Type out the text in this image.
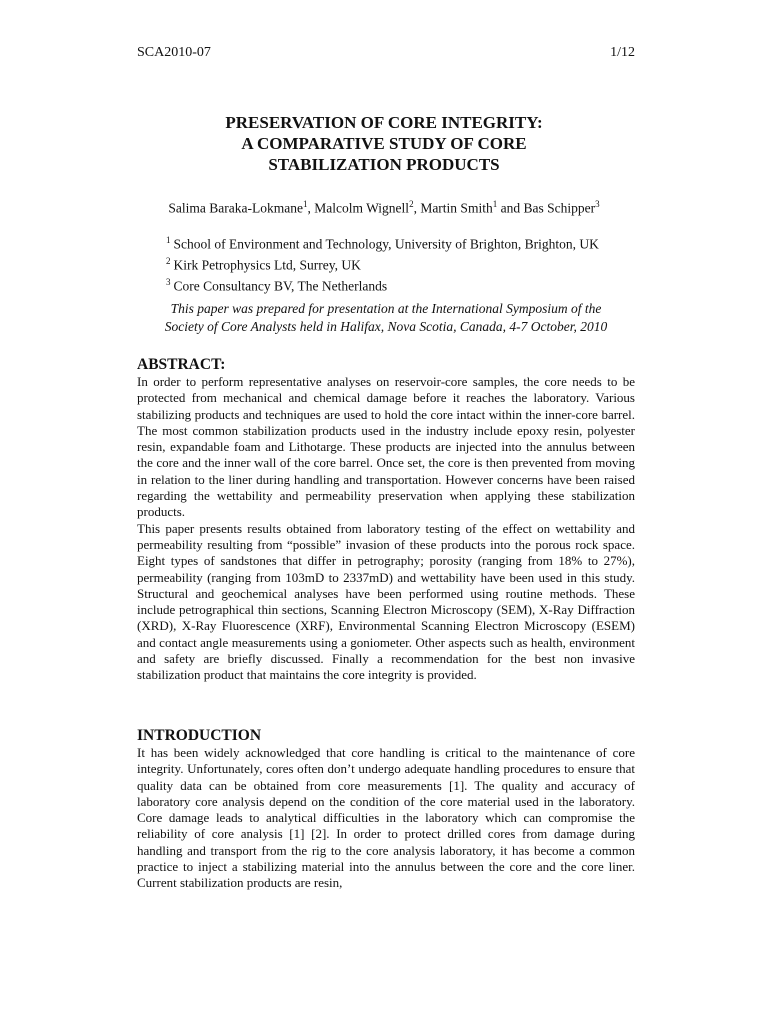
SCA2010-07	1/12
PRESERVATION OF CORE INTEGRITY:
A COMPARATIVE STUDY OF CORE
STABILIZATION PRODUCTS
Salima Baraka-Lokmane$^1$, Malcolm Wignell$^2$, Martin Smith$^1$ and Bas Schipper$^3$
$^1$ School of Environment and Technology, University of Brighton, Brighton, UK
$^2$ Kirk Petrophysics Ltd, Surrey, UK
$^3$ Core Consultancy BV, The Netherlands
This paper was prepared for presentation at the International Symposium of the
Society of Core Analysts held in Halifax, Nova Scotia, Canada, 4-7 October, 2010
ABSTRACT:

In order to perform representative analyses on reservoir-core samples, the core needs to be protected from mechanical and chemical damage before it reaches the laboratory. Various stabilizing products and techniques are used to hold the core intact within the inner-core barrel. The most common stabilization products used in the industry include epoxy resin, polyester resin, expandable foam and Lithotarge. These products are injected into the annulus between the core and the inner wall of the core barrel. Once set, the core is then prevented from moving in relation to the liner during handling and transportation. However concerns have been raised regarding the wettability and permeability preservation when applying these stabilization products.

This paper presents results obtained from laboratory testing of the effect on wettability and permeability resulting from “possible” invasion of these products into the porous rock space. Eight types of sandstones that differ in petrography; porosity (ranging from 18% to 27%), permeability (ranging from 103mD to 2337mD) and wettability have been used in this study. Structural and geochemical analyses have been performed using routine methods. These include petrographical thin sections, Scanning Electron Microscopy (SEM), X-Ray Diffraction (XRD), X-Ray Fluorescence (XRF), Environmental Scanning Electron Microscopy (ESEM) and contact angle measurements using a goniometer. Other aspects such as health, environment and safety are briefly discussed. Finally a recommendation for the best non invasive stabilization product that maintains the core integrity is provided.

INTRODUCTION

It has been widely acknowledged that core handling is critical to the maintenance of core integrity. Unfortunately, cores often don’t undergo adequate handling procedures to ensure that quality data can be obtained from core measurements [1]. The quality and accuracy of laboratory core analysis depend on the condition of the core material used in the laboratory. Core damage leads to analytical difficulties in the laboratory which can compromise the reliability of core analysis [1] [2]. In order to protect drilled cores from damage during handling and transport from the rig to the core analysis laboratory, it has become a common practice to inject a stabilizing material into the annulus between the core and the core liner. Current stabilization products are resin,
